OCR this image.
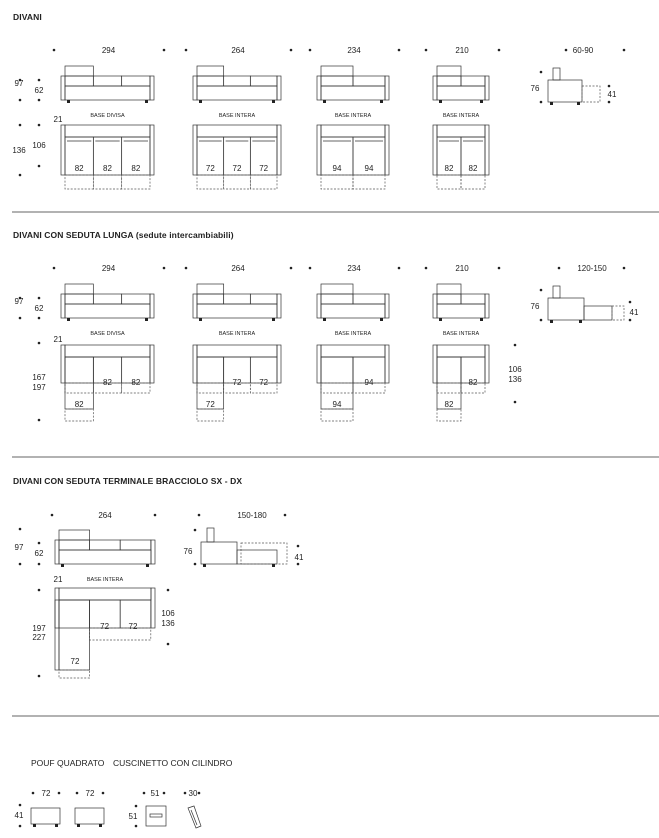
DIVANI
DIVANI CON SEDUTA LUNGA (sedute intercambiabili)
DIVANI CON SEDUTA TERMINALE BRACCIOLO SX - DX
POUF QUADRATO CUSCINETTO CON CILINDRO
294
BASE DIVISA
82 82 82
264
BASE INTERA
72 72 72
234
BASE INTERA
94	94
210
BASE INTERA
82 82
97
62
136
106
21
60-90
76
41
294
BASE DIVISA
264
BASE INTERA
234
BASE INTERA
210
BASE INTERA
82
82 82
72
72 72
94
94
82
82
97
62
21
167
197
106
136
120-150
76
41
264
97
62
BASE INTERA
21
72 72
72
197
227
106
136
150-180
76
41
72	72
41
51
51
30
